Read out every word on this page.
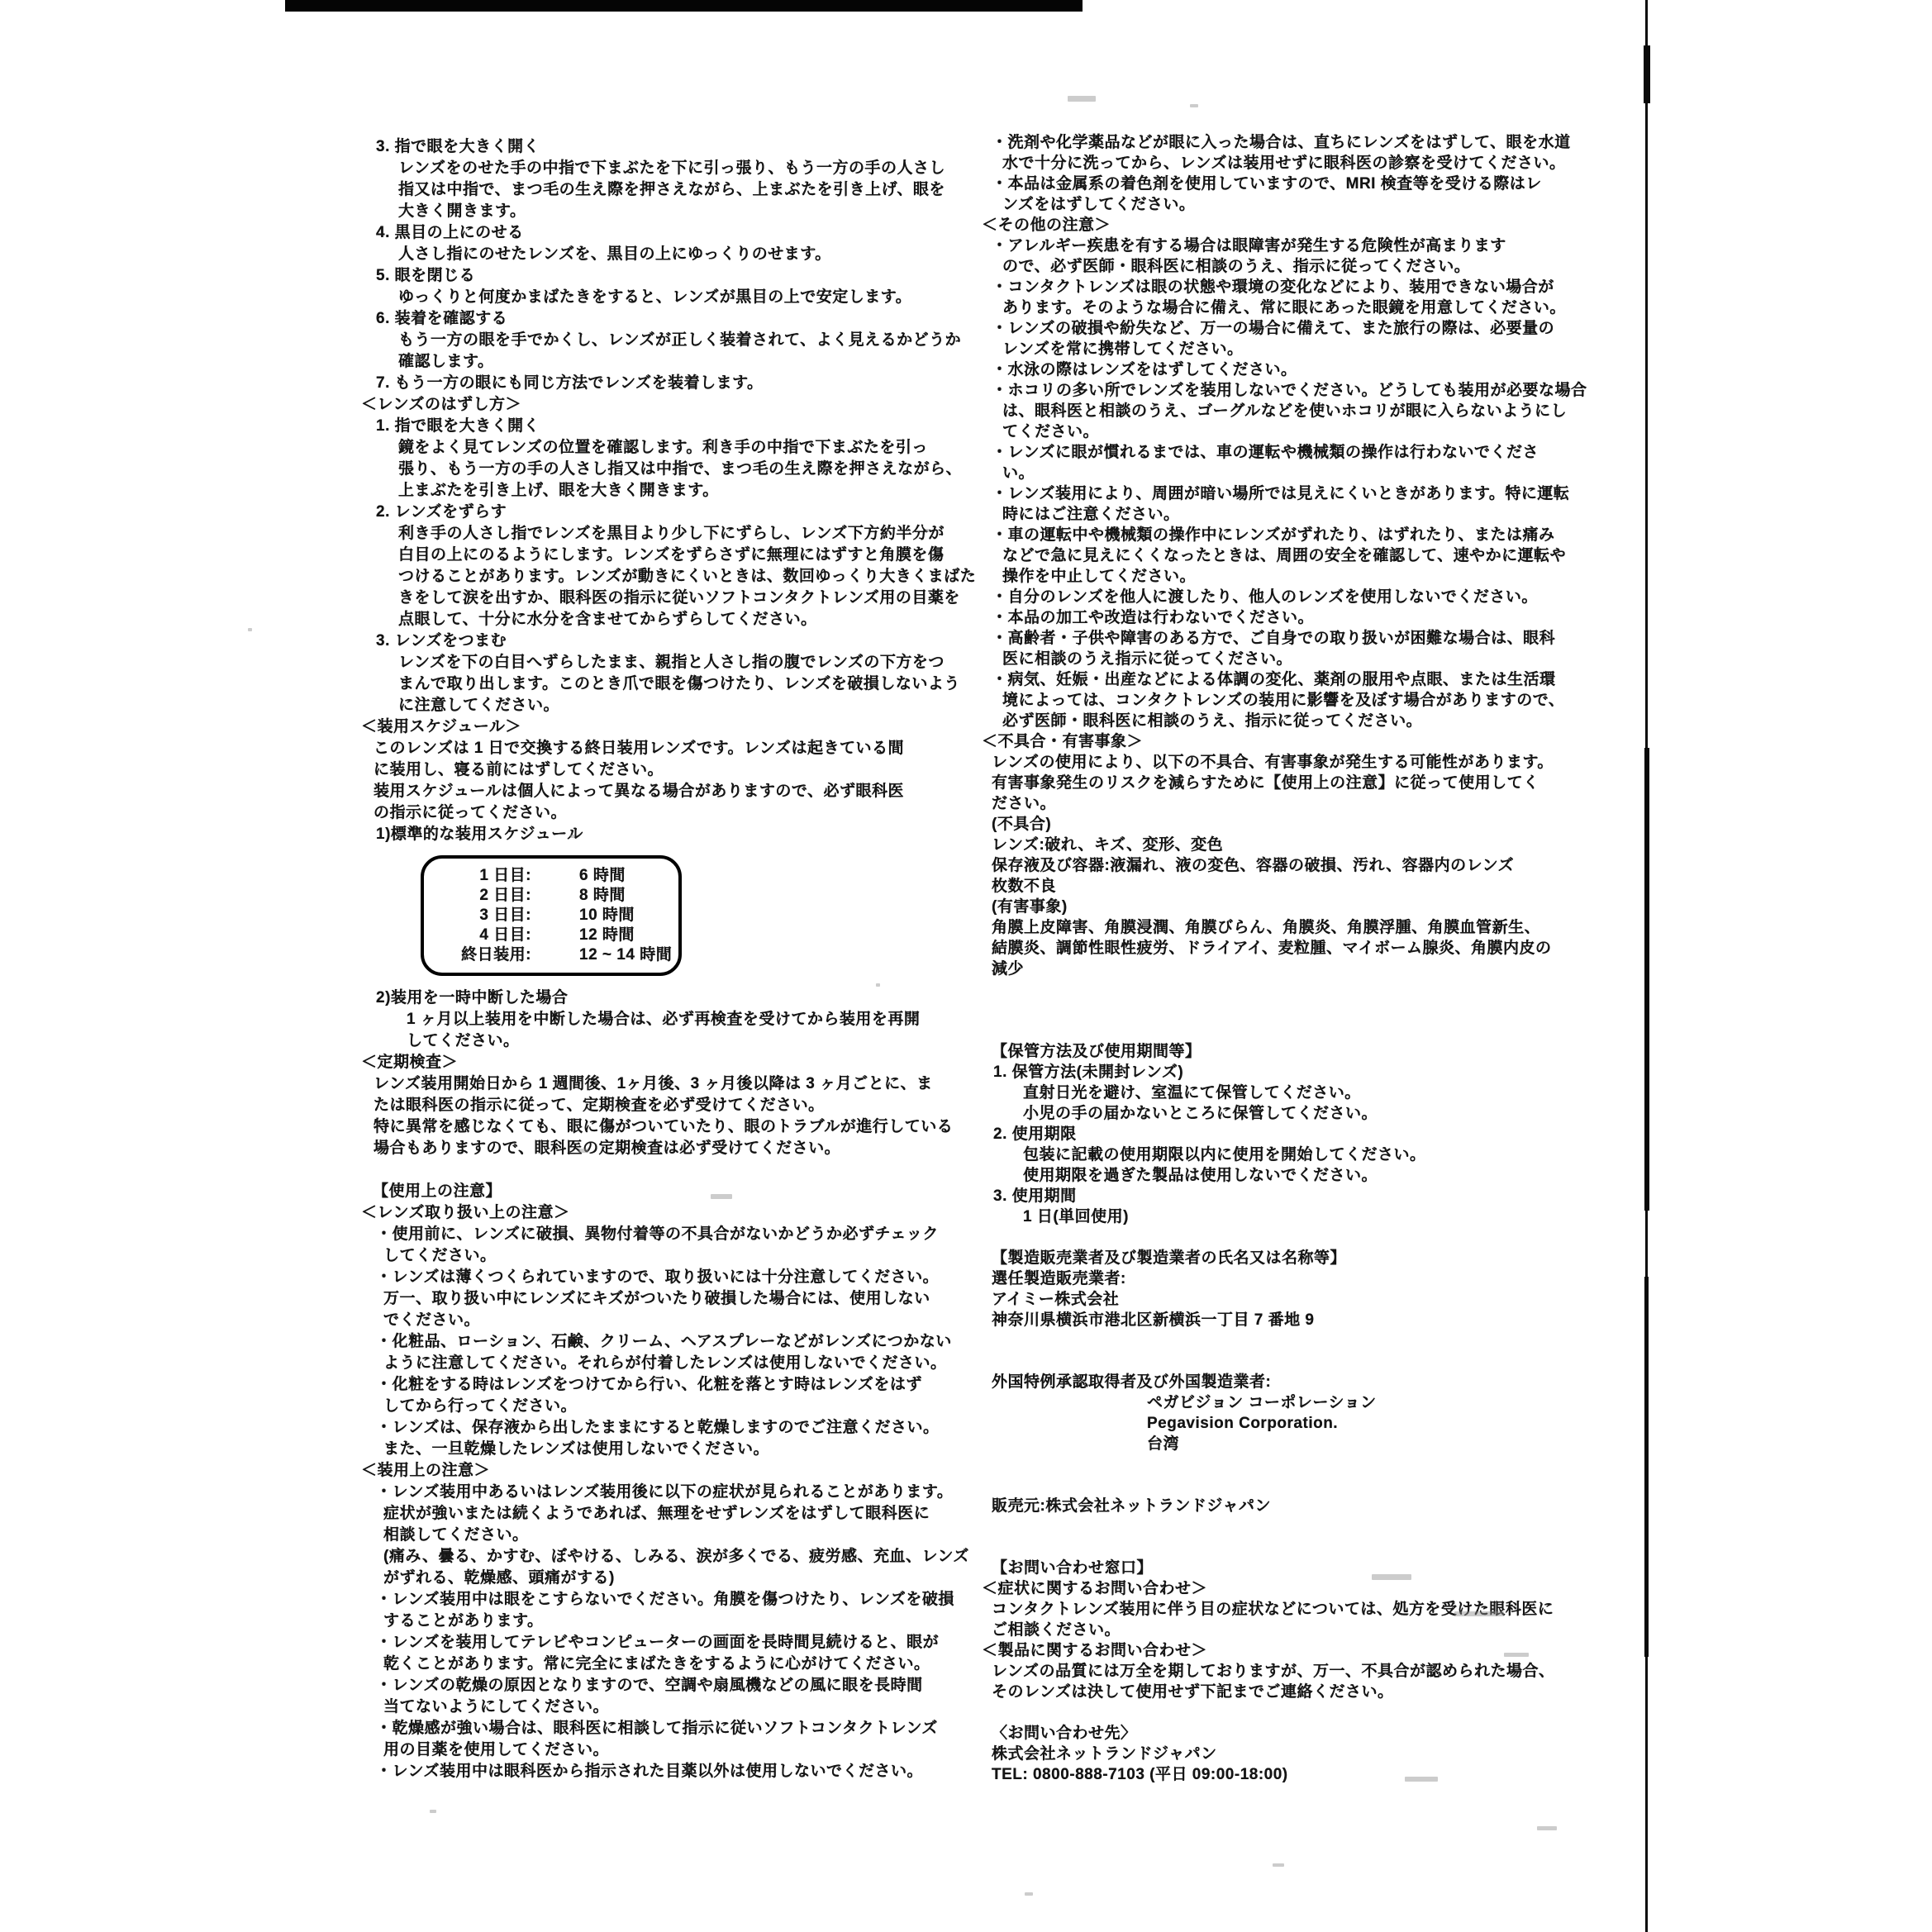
3. 指で眼を大きく開く
レンズをのせた手の中指で下まぶたを下に引っ張り、もう一方の手の人さし
指又は中指で、まつ毛の生え際を押さえながら、上まぶたを引き上げ、眼を
大きく開きます。
4. 黒目の上にのせる
人さし指にのせたレンズを、黒目の上にゆっくりのせます。
5. 眼を閉じる
ゆっくりと何度かまばたきをすると、レンズが黒目の上で安定します。
6. 装着を確認する
もう一方の眼を手でかくし、レンズが正しく装着されて、よく見えるかどうか
確認します。
7. もう一方の眼にも同じ方法でレンズを装着します。
＜レンズのはずし方＞
1. 指で眼を大きく開く
鏡をよく見てレンズの位置を確認します。利き手の中指で下まぶたを引っ
張り、もう一方の手の人さし指又は中指で、まつ毛の生え際を押さえながら、
上まぶたを引き上げ、眼を大きく開きます。
2. レンズをずらす
利き手の人さし指でレンズを黒目より少し下にずらし、レンズ下方約半分が
白目の上にのるようにします。レンズをずらさずに無理にはずすと角膜を傷
つけることがあります。レンズが動きにくいときは、数回ゆっくり大きくまばた
きをして涙を出すか、眼科医の指示に従いソフトコンタクトレンズ用の目薬を
点眼して、十分に水分を含ませてからずらしてください。
3. レンズをつまむ
レンズを下の白目へずらしたまま、親指と人さし指の腹でレンズの下方をつ
まんで取り出します。このとき爪で眼を傷つけたり、レンズを破損しないよう
に注意してください。
＜装用スケジュール＞
このレンズは 1 日で交換する終日装用レンズです。レンズは起きている間
に装用し、寝る前にはずしてください。
装用スケジュールは個人によって異なる場合がありますので、必ず眼科医
の指示に従ってください。
1)標準的な装用スケジュール
1 日目:	6 時間
2 日目:	8 時間
3 日目:	10 時間
4 日目:	12 時間
終日装用:	12 ~ 14 時間
2)装用を一時中断した場合
1 ヶ月以上装用を中断した場合は、必ず再検査を受けてから装用を再開
してください。
＜定期検査＞
レンズ装用開始日から 1 週間後、1ヶ月後、3 ヶ月後以降は 3 ヶ月ごとに、ま
たは眼科医の指示に従って、定期検査を必ず受けてください。
特に異常を感じなくても、眼に傷がついていたり、眼のトラブルが進行している
場合もありますので、眼科医の定期検査は必ず受けてください。
【使用上の注意】
＜レンズ取り扱い上の注意＞
・使用前に、レンズに破損、異物付着等の不具合がないかどうか必ずチェック
してください。
・レンズは薄くつくられていますので、取り扱いには十分注意してください。
万一、取り扱い中にレンズにキズがついたり破損した場合には、使用しない
でください。
・化粧品、ローション、石鹸、クリーム、ヘアスプレーなどがレンズにつかない
ように注意してください。それらが付着したレンズは使用しないでください。
・化粧をする時はレンズをつけてから行い、化粧を落とす時はレンズをはず
してから行ってください。
・レンズは、保存液から出したままにすると乾燥しますのでご注意ください。
また、一旦乾燥したレンズは使用しないでください。
＜装用上の注意＞
・レンズ装用中あるいはレンズ装用後に以下の症状が見られることがあります。
症状が強いまたは続くようであれば、無理をせずレンズをはずして眼科医に
相談してください。
(痛み、曇る、かすむ、ぼやける、しみる、涙が多くでる、疲労感、充血、レンズ
がずれる、乾燥感、頭痛がする)
・レンズ装用中は眼をこすらないでください。角膜を傷つけたり、レンズを破損
することがあります。
・レンズを装用してテレビやコンピューターの画面を長時間見続けると、眼が
乾くことがあります。常に完全にまばたきをするように心がけてください。
・レンズの乾燥の原因となりますので、空調や扇風機などの風に眼を長時間
当てないようにしてください。
・乾燥感が強い場合は、眼科医に相談して指示に従いソフトコンタクトレンズ
用の目薬を使用してください。
・レンズ装用中は眼科医から指示された目薬以外は使用しないでください。
・洗剤や化学薬品などが眼に入った場合は、直ちにレンズをはずして、眼を水道
水で十分に洗ってから、レンズは装用せずに眼科医の診察を受けてください。
・本品は金属系の着色剤を使用していますので、MRI 検査等を受ける際はレ
ンズをはずしてください。
＜その他の注意＞
・アレルギー疾患を有する場合は眼障害が発生する危険性が高まります
ので、必ず医師・眼科医に相談のうえ、指示に従ってください。
・コンタクトレンズは眼の状態や環境の変化などにより、装用できない場合が
あります。そのような場合に備え、常に眼にあった眼鏡を用意してください。
・レンズの破損や紛失など、万一の場合に備えて、また旅行の際は、必要量の
レンズを常に携帯してください。
・水泳の際はレンズをはずしてください。
・ホコリの多い所でレンズを装用しないでください。どうしても装用が必要な場合
は、眼科医と相談のうえ、ゴーグルなどを使いホコリが眼に入らないようにし
てください。
・レンズに眼が慣れるまでは、車の運転や機械類の操作は行わないでくださ
い。
・レンズ装用により、周囲が暗い場所では見えにくいときがあります。特に運転
時にはご注意ください。
・車の運転中や機械類の操作中にレンズがずれたり、はずれたり、または痛み
などで急に見えにくくなったときは、周囲の安全を確認して、速やかに運転や
操作を中止してください。
・自分のレンズを他人に渡したり、他人のレンズを使用しないでください。
・本品の加工や改造は行わないでください。
・高齢者・子供や障害のある方で、ご自身での取り扱いが困難な場合は、眼科
医に相談のうえ指示に従ってください。
・病気、妊娠・出産などによる体調の変化、薬剤の服用や点眼、または生活環
境によっては、コンタクトレンズの装用に影響を及ぼす場合がありますので、
必ず医師・眼科医に相談のうえ、指示に従ってください。
＜不具合・有害事象＞
レンズの使用により、以下の不具合、有害事象が発生する可能性があります。
有害事象発生のリスクを減らすために【使用上の注意】に従って使用してく
ださい。
(不具合)
レンズ:破れ、キズ、変形、変色
保存液及び容器:液漏れ、液の変色、容器の破損、汚れ、容器内のレンズ
枚数不良
(有害事象)
角膜上皮障害、角膜浸潤、角膜びらん、角膜炎、角膜浮腫、角膜血管新生、
結膜炎、調節性眼性疲労、ドライアイ、麦粒腫、マイボーム腺炎、角膜内皮の
減少
【保管方法及び使用期間等】
1. 保管方法(未開封レンズ)
直射日光を避け、室温にて保管してください。
小児の手の届かないところに保管してください。
2. 使用期限
包装に記載の使用期限以内に使用を開始してください。
使用期限を過ぎた製品は使用しないでください。
3. 使用期間
1 日(単回使用)
【製造販売業者及び製造業者の氏名又は名称等】
選任製造販売業者:
アイミー株式会社
神奈川県横浜市港北区新横浜一丁目 7 番地 9
外国特例承認取得者及び外国製造業者:
ペガビジョン コーポレーション
Pegavision Corporation.
台湾
販売元:株式会社ネットランドジャパン
【お問い合わせ窓口】
＜症状に関するお問い合わせ＞
コンタクトレンズ装用に伴う目の症状などについては、処方を受けた眼科医に
ご相談ください。
＜製品に関するお問い合わせ＞
レンズの品質には万全を期しておりますが、万一、不具合が認められた場合、
そのレンズは決して使用せず下記までご連絡ください。
〈お問い合わせ先〉
株式会社ネットランドジャパン
TEL: 0800-888-7103 (平日 09:00-18:00)
